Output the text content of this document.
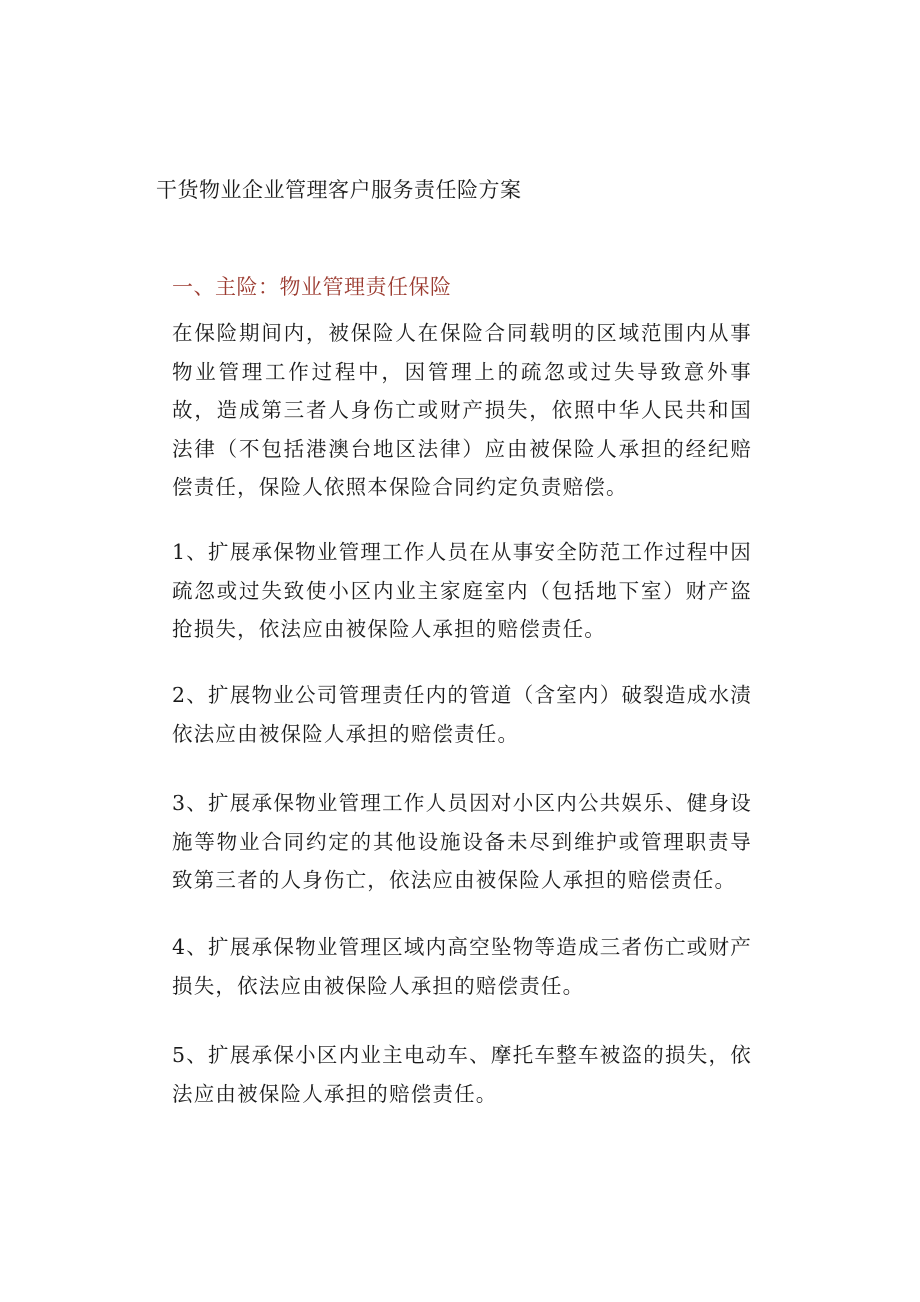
干货物业企业管理客户服务责任险方案
一、主险：物业管理责任保险

在保险期间内，被保险人在保险合同载明的区域范围内从事物业管理工作过程中，因管理上的疏忽或过失导致意外事故，造成第三者人身伤亡或财产损失，依照中华人民共和国法律（不包括港澳台地区法律）应由被保险人承担的经纪赔偿责任，保险人依照本保险合同约定负责赔偿。

1、扩展承保物业管理工作人员在从事安全防范工作过程中因疏忽或过失致使小区内业主家庭室内（包括地下室）财产盗抢损失，依法应由被保险人承担的赔偿责任。

2、扩展物业公司管理责任内的管道（含室内）破裂造成水渍依法应由被保险人承担的赔偿责任。

3、扩展承保物业管理工作人员因对小区内公共娱乐、健身设施等物业合同约定的其他设施设备未尽到维护或管理职责导致第三者的人身伤亡，依法应由被保险人承担的赔偿责任。

4、扩展承保物业管理区域内高空坠物等造成三者伤亡或财产损失，依法应由被保险人承担的赔偿责任。

5、扩展承保小区内业主电动车、摩托车整车被盗的损失，依法应由被保险人承担的赔偿责任。
